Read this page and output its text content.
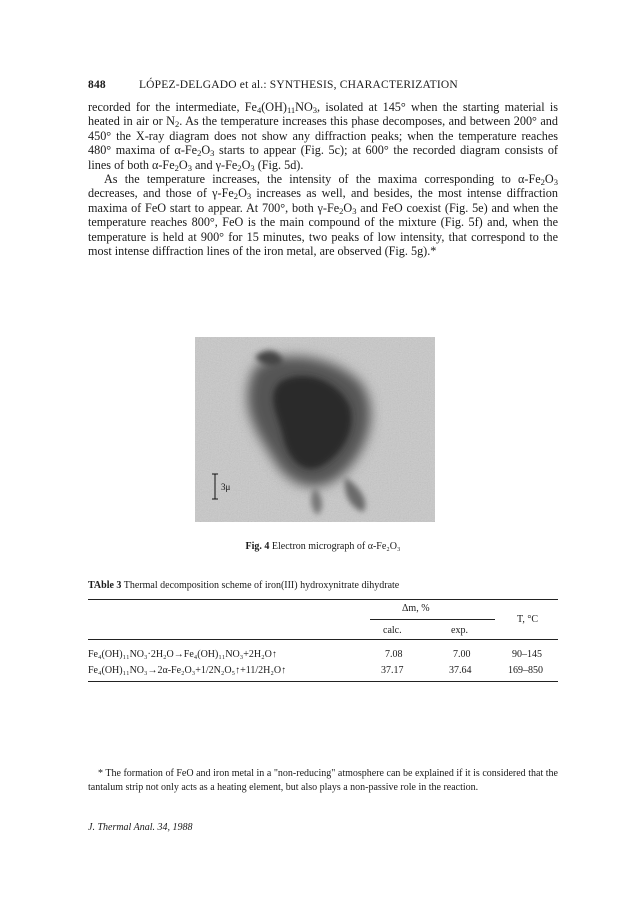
848	LÓPEZ-DELGADO et al.: SYNTHESIS, CHARACTERIZATION

recorded for the intermediate, $Fe_4(OH)_{11}NO_3$, isolated at 145° when the starting material is heated in air or $N_2$. As the temperature increases this phase decomposes, and between 200° and 450° the X-ray diagram does not show any diffraction peaks; when the temperature reaches 480° maxima of $\alpha-Fe_2O_3$ starts to appear (Fig. 5c); at 600° the recorded diagram consists of lines of both $\alpha-Fe_2O_3$ and $\gamma-Fe_2O_3$ (Fig. 5d).

As the temperature increases, the intensity of the maxima corresponding to $\alpha-Fe_2O_3$ decreases, and those of $\gamma-Fe_2O_3$ increases as well, and besides, the most intense diffraction maxima of FeO start to appear. At 700°, both $\gamma-Fe_2O_3$ and FeO coexist (Fig. 5e) and when the temperature reaches 800°, FeO is the main compound of the mixture (Fig. 5f) and, when the temperature is held at 900° for 15 minutes, two peaks of low intensity, that correspond to the most intense diffraction lines of the iron metal, are observed (Fig. 5g).*

3μ
Fig. 4 Electron micrograph of α-Fe₂O₃
TAble 3 Thermal decomposition scheme of iron(III) hydroxynitrate dihydrate
Δm, %
T, °C
calc.	exp.
Fe₄(OH)₁₁NO₃·2H₂O→Fe₄(OH)₁₁NO₃+2H₂O↑	7.08	7.00	90–145
Fe₄(OH)₁₁NO₃→2α-Fe₂O₃+1/2N₂O₅↑+11/2H₂O↑	37.17	37.64	169–850

* The formation of FeO and iron metal in a "non-reducing" atmosphere can be explained if it is considered that the tantalum strip not only acts as a heating element, but also plays a non-passive role in the reaction.

J. Thermal Anal. 34, 1988
